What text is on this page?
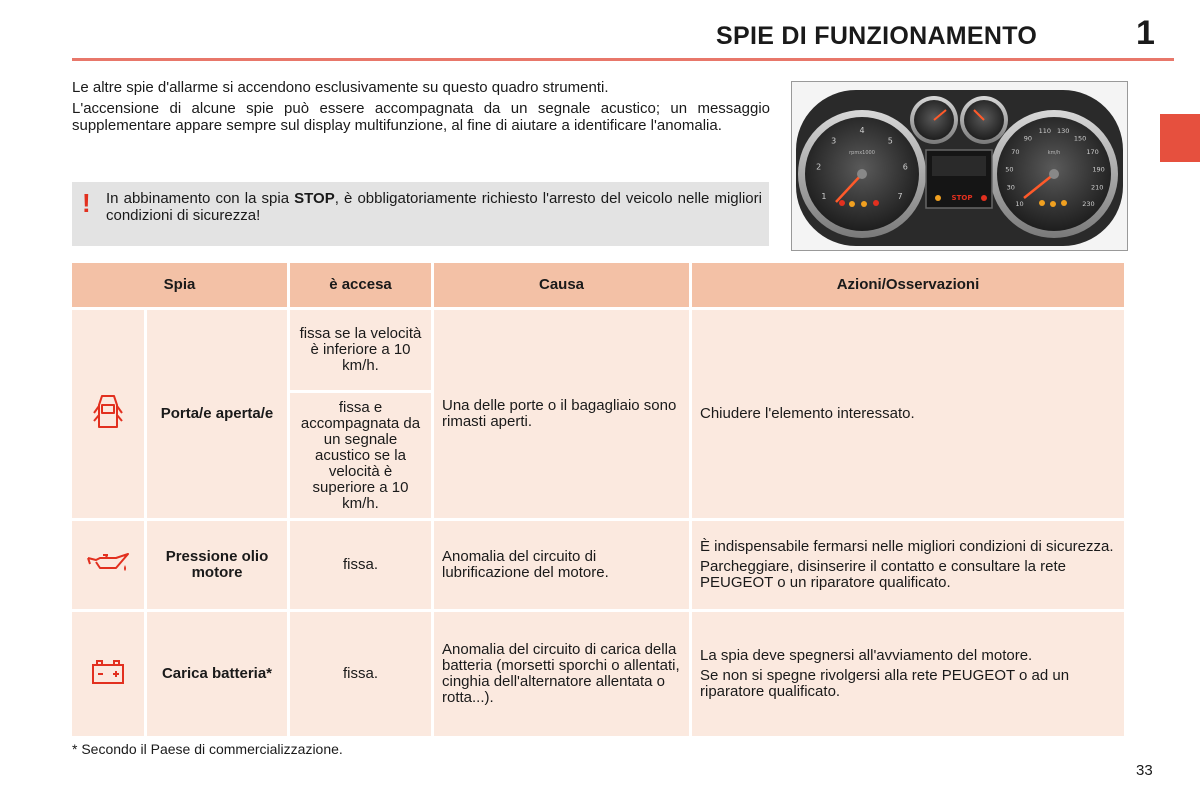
SPIE DI FUNZIONAMENTO	1

Le altre spie d'allarme si accendono esclusivamente su questo quadro strumenti.

L'accensione di alcune spie può essere accompagnata da un segnale acustico; un messaggio supplementare appare sempre sul display multifunzione, al fine di aiutare a identificare l'anomalia.

! In abbinamento con la spia STOP, è obbligatoriamente richiesto l'arresto del veicolo nelle migliori condizioni di sicurezza!
1
2
3
4
5
6
7
rpmx1000
10
30
50
70
90
110 130
150
170
190
210
230
km/h
STOP
Spia		è accesa	Causa	Azioni/Osservazioni
	Porta/e aperta/e	fissa se la velocità è inferiore a 10 km/h.	Una delle porte o il bagagliaio sono rimasti aperti.	Chiudere l'elemento interessato.

		fissa e accompagnata da un segnale acustico se la velocità è superiore a 10 km/h.		
	Pressione olio motore	fissa.	Anomalia del circuito di lubrificazione del motore.	È indispensabile fermarsi nelle migliori condizioni di sicurezza.

Parcheggiare, disinserire il contatto e consultare la rete PEUGEOT o un riparatore qualificato.

	Carica batteria*	fissa.	Anomalia del circuito di carica della batteria (morsetti sporchi o allentati, cinghia dell'alternatore allentata o rotta...).	La spia deve spegnersi all'avviamento del motore.

Se non si spegne rivolgersi alla rete PEUGEOT o ad un riparatore qualificato.

* Secondo il Paese di commercializzazione.
33
